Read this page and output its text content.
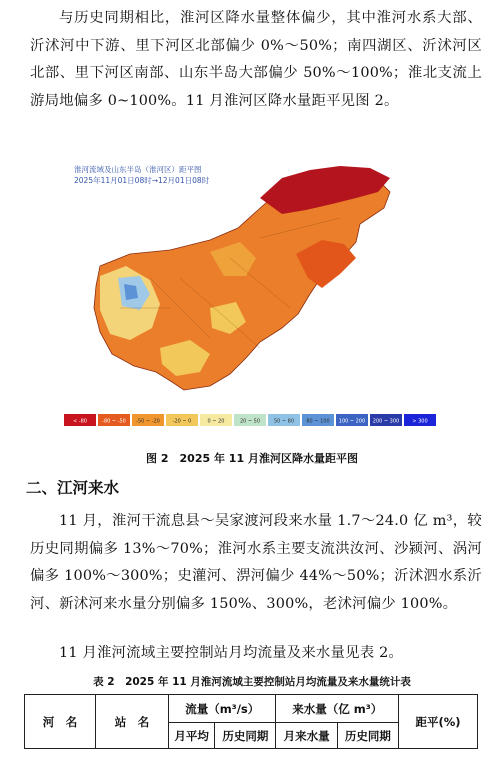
与历史同期相比，淮河区降水量整体偏少，其中淮河水系大部、沂沭河中下游、里下河区北部偏少 0%～50%；南四湖区、沂沭河区北部、里下河区南部、山东半岛大部偏少 50%～100%；淮北支流上游局地偏多 0~100%。11 月淮河区降水量距平见图 2。

淮河流域及山东半岛（淮河区）距平图
2025年11月01日08时→12月01日08时
< -80	-80 ~ -50 -50 ~ -20	-20 ~ 0	0 ~ 20	20 ~ 50	50 ~ 80 80 ~ 100 100 ~ 200 200 ~ 300	> 300
图 2　2025 年 11 月淮河区降水量距平图
二、江河来水

11 月，淮河干流息县～吴家渡河段来水量 1.7～24.0 亿 m³，较历史同期偏多 13%～70%；淮河水系主要支流洪汝河、沙颍河、涡河偏多 100%～300%；史灌河、淠河偏少 44%～50%；沂沭泗水系沂河、新沭河来水量分别偏多 150%、300%，老沭河偏少 100%。

11 月淮河流域主要控制站月均流量及来水量见表 2。

表 2　2025 年 11 月淮河流域主要控制站月均流量及来水量统计表
河　名	站　名	流量（m³/s）		来水量（亿 m³）		距平(%)
		月平均	历史同期	月来水量	历史同期	
